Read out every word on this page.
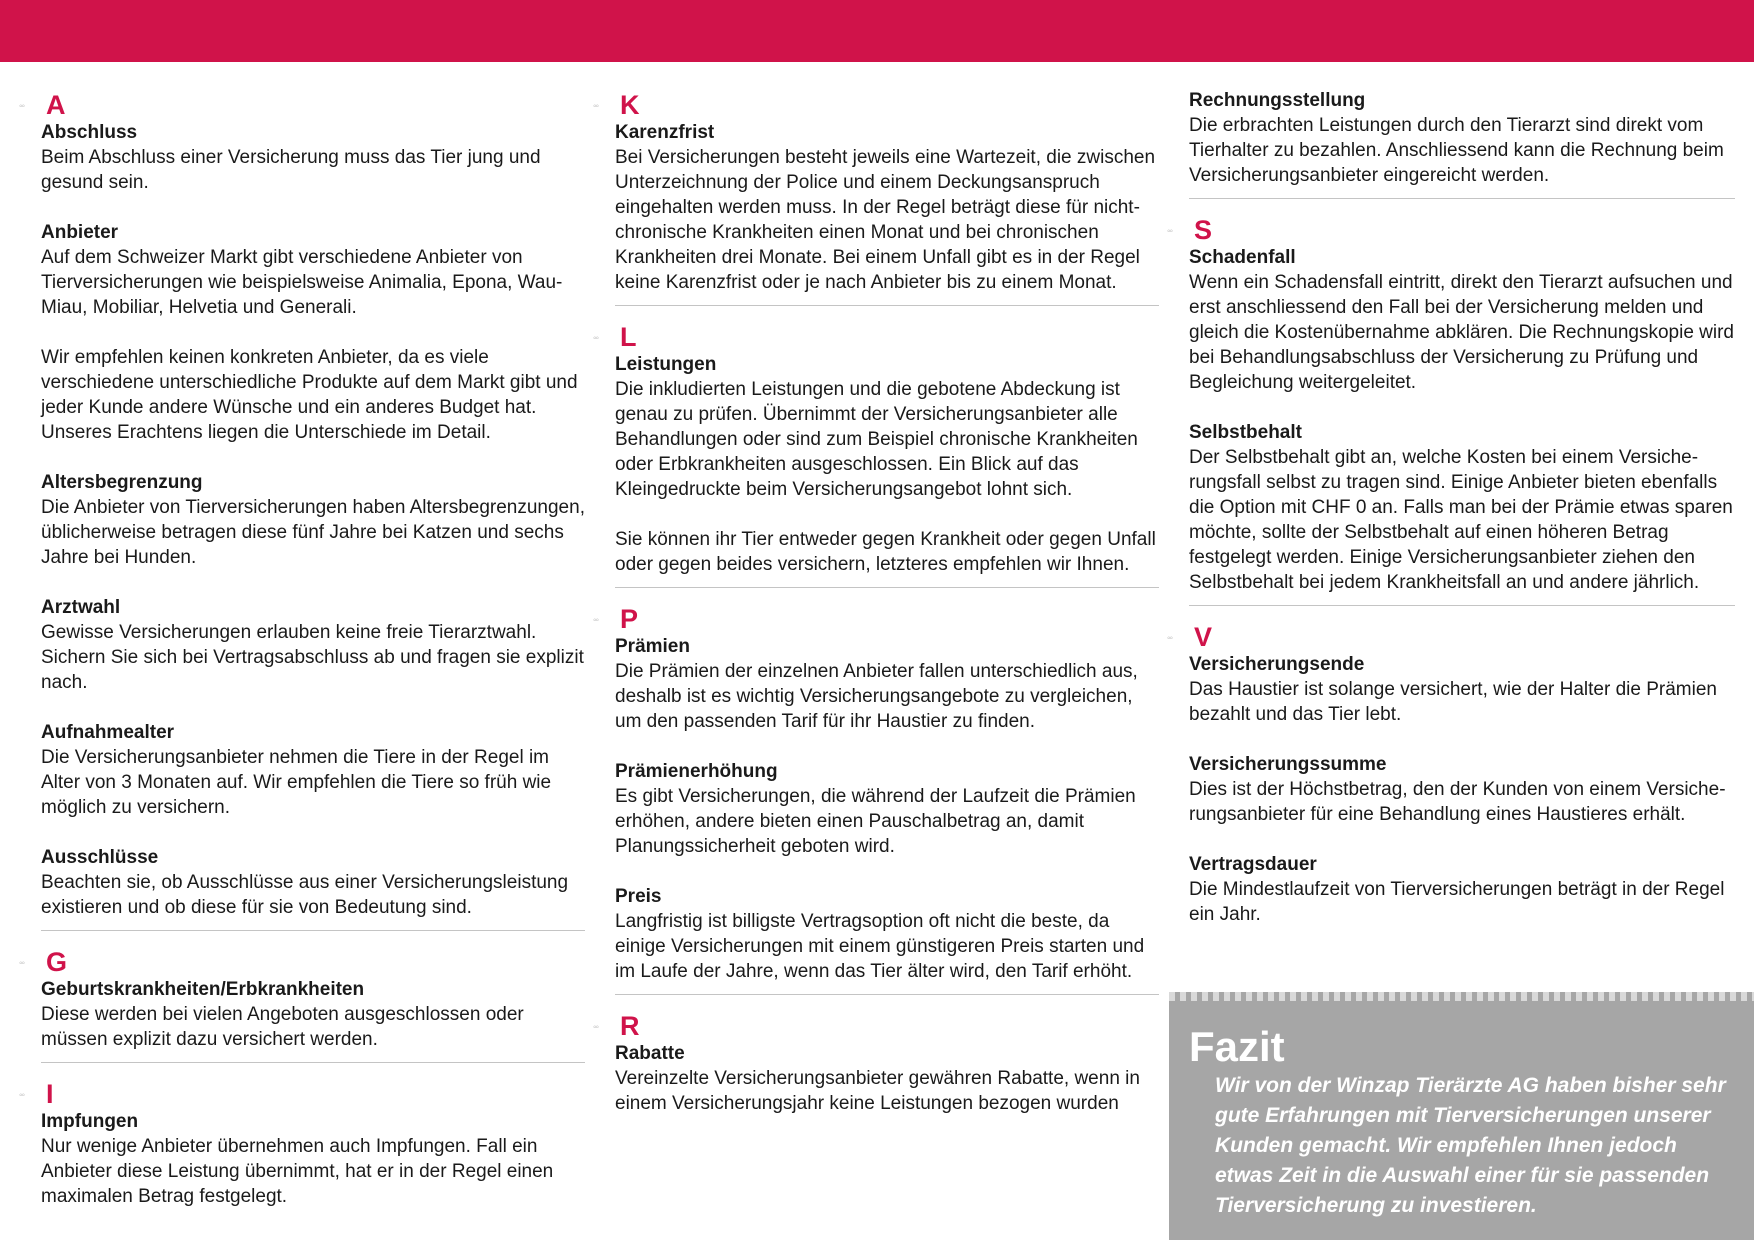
◦◦ A
Abschluss

Beim Abschluss einer Versicherung muss das Tier jung und gesund sein.

Anbieter

Auf dem Schweizer Markt gibt verschiedene Anbieter von Tierversicherungen wie beispielsweise Animalia, Epona, Wau-Miau, Mobiliar, Helvetia und Generali.

Wir empfehlen keinen konkreten Anbieter, da es viele verschiedene unterschiedliche Produkte auf dem Markt gibt und jeder Kunde andere Wünsche und ein anderes Budget hat. Unseres Erachtens liegen die Unterschiede im Detail.

Altersbegrenzung

Die Anbieter von Tierversicherungen haben Altersbegrenzungen, üblicherweise betragen diese fünf Jahre bei Katzen und sechs Jahre bei Hunden.

Arztwahl

Gewisse Versicherungen erlauben keine freie Tierarztwahl. Sichern Sie sich bei Vertragsabschluss ab und fragen sie explizit nach.

Aufnahmealter

Die Versicherungsanbieter nehmen die Tiere in der Regel im Alter von 3 Monaten auf. Wir empfehlen die Tiere so früh wie möglich zu versichern.

Ausschlüsse

Beachten sie, ob Ausschlüsse aus einer Versicherungsleistung existieren und ob diese für sie von Bedeutung sind.

◦◦ G
Geburtskrankheiten/Erbkrankheiten

Diese werden bei vielen Angeboten ausgeschlossen oder müssen explizit dazu versichert werden.

◦◦ I
Impfungen

Nur wenige Anbieter übernehmen auch Impfungen. Fall ein Anbieter diese Leistung übernimmt, hat er in der Regel einen maximalen Betrag festgelegt.

◦◦ K
Karenzfrist

Bei Versicherungen besteht jeweils eine Wartezeit, die zwischen Unterzeichnung der Police und einem Deckungsanspruch eingehalten werden muss. In der Regel beträgt diese für nicht-chronische Krankheiten einen Monat und bei chronischen Krankheiten drei Monate. Bei einem Unfall gibt es in der Regel keine Karenzfrist oder je nach Anbieter bis zu einem Monat.

◦◦ L
Leistungen

Die inkludierten Leistungen und die gebotene Abdeckung ist genau zu prüfen. Übernimmt der Versicherungsanbieter alle Behandlungen oder sind zum Beispiel chronische Krankheiten oder Erbkrankheiten ausgeschlossen. Ein Blick auf das Kleingedruckte beim Versicherungsangebot lohnt sich.

Sie können ihr Tier entweder gegen Krankheit oder gegen Unfall oder gegen beides versichern, letzteres empfehlen wir Ihnen.

◦◦ P
Prämien

Die Prämien der einzelnen Anbieter fallen unterschiedlich aus, deshalb ist es wichtig Versicherungsangebote zu vergleichen, um den passenden Tarif für ihr Haustier zu finden.

Prämienerhöhung

Es gibt Versicherungen, die während der Laufzeit die Prämien erhöhen, andere bieten einen Pauschalbetrag an, damit Planungssicherheit geboten wird.

Preis

Langfristig ist billigste Vertragsoption oft nicht die beste, da einige Versicherungen mit einem günstigeren Preis starten und im Laufe der Jahre, wenn das Tier älter wird, den Tarif erhöht.

◦◦ R
Rabatte

Vereinzelte Versicherungsanbieter gewähren Rabatte, wenn in einem Versicherungsjahr keine Leistungen bezogen wurden

Rechnungsstellung

Die erbrachten Leistungen durch den Tierarzt sind direkt vom Tierhalter zu bezahlen. Anschliessend kann die Rechnung beim Versicherungsanbieter eingereicht werden.

◦◦ S
Schadenfall

Wenn ein Schadensfall eintritt, direkt den Tierarzt aufsuchen und erst anschliessend den Fall bei der Versicherung melden und gleich die Kostenübernahme abklären. Die Rechnungskopie wird bei Behandlungsabschluss der Versicherung zu Prüfung und Begleichung weitergeleitet.

Selbstbehalt

Der Selbstbehalt gibt an, welche Kosten bei einem Versicherungsfall selbst zu tragen sind. Einige Anbieter bieten ebenfalls die Option mit CHF 0 an. Falls man bei der Prämie etwas sparen möchte, sollte der Selbstbehalt auf einen höheren Betrag festgelegt werden. Einige Versicherungsanbieter ziehen den Selbstbehalt bei jedem Krankheitsfall an und andere jährlich.

◦◦ V
Versicherungsende

Das Haustier ist solange versichert, wie der Halter die Prämien bezahlt und das Tier lebt.

Versicherungssumme

Dies ist der Höchstbetrag, den der Kunden von einem Versicherungsanbieter für eine Behandlung eines Haustieres erhält.

Vertragsdauer

Die Mindestlaufzeit von Tierversicherungen beträgt in der Regel ein Jahr.

Fazit
Wir von der Winzap Tierärzte AG haben bisher sehr gute Erfahrungen mit Tierversicherungen unserer Kunden gemacht. Wir empfehlen Ihnen jedoch etwas Zeit in die Auswahl einer für sie passenden Tierversicherung zu investieren.
